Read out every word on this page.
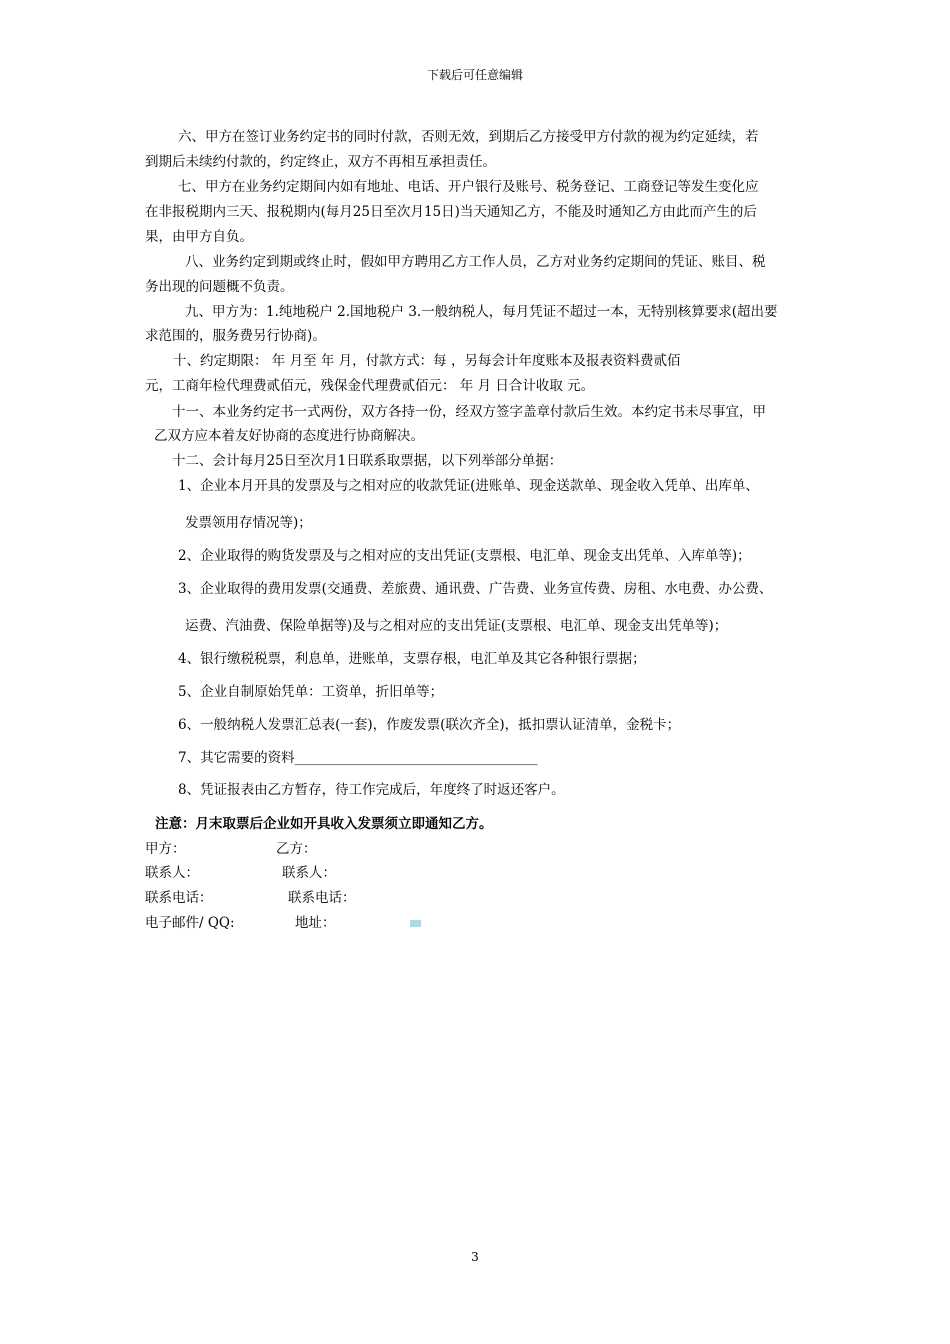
下载后可任意编辑
六、甲方在签订业务约定书的同时付款，否则无效，到期后乙方接受甲方付款的视为约定延续，若
到期后未续约付款的，约定终止，双方不再相互承担责任。
七、甲方在业务约定期间内如有地址、电话、开户银行及账号、税务登记、工商登记等发生变化应
在非报税期内三天、报税期内(每月25日至次月15日)当天通知乙方，不能及时通知乙方由此而产生的后
果，由甲方自负。
八、业务约定到期或终止时，假如甲方聘用乙方工作人员，乙方对业务约定期间的凭证、账目、税
务出现的问题概不负责。
九、甲方为：1.纯地税户 2.国地税户 3.一般纳税人，每月凭证不超过一本，无特别核算要求(超出要
求范围的，服务费另行协商)。
十、约定期限： 年 月至 年 月，付款方式：每 ，另每会计年度账本及报表资料费贰佰
元，工商年检代理费贰佰元，残保金代理费贰佰元： 年 月 日合计收取 元。
十一、本业务约定书一式两份，双方各持一份，经双方签字盖章付款后生效。本约定书未尽事宜，甲
乙双方应本着友好协商的态度进行协商解决。
十二、会计每月25日至次月1日联系取票据，以下列举部分单据：
1、企业本月开具的发票及与之相对应的收款凭证(进账单、现金送款单、现金收入凭单、出库单、
发票领用存情况等)；
2、企业取得的购货发票及与之相对应的支出凭证(支票根、电汇单、现金支出凭单、入库单等)；
3、企业取得的费用发票(交通费、差旅费、通讯费、广告费、业务宣传费、房租、水电费、办公费、
运费、汽油费、保险单据等)及与之相对应的支出凭证(支票根、电汇单、现金支出凭单等)；
4、银行缴税税票，利息单，进账单，支票存根，电汇单及其它各种银行票据；
5、企业自制原始凭单：工资单，折旧单等；
6、一般纳税人发票汇总表(一套)，作废发票(联次齐全)，抵扣票认证清单，金税卡；
7、其它需要的资料____________________________________
8、凭证报表由乙方暂存，待工作完成后，年度终了时返还客户。
注意：月末取票后企业如开具收入发票须立即通知乙方。
甲方：	乙方：
联系人：	联系人：
联系电话：	联系电话：
电子邮件/ QQ:	地址：
3
